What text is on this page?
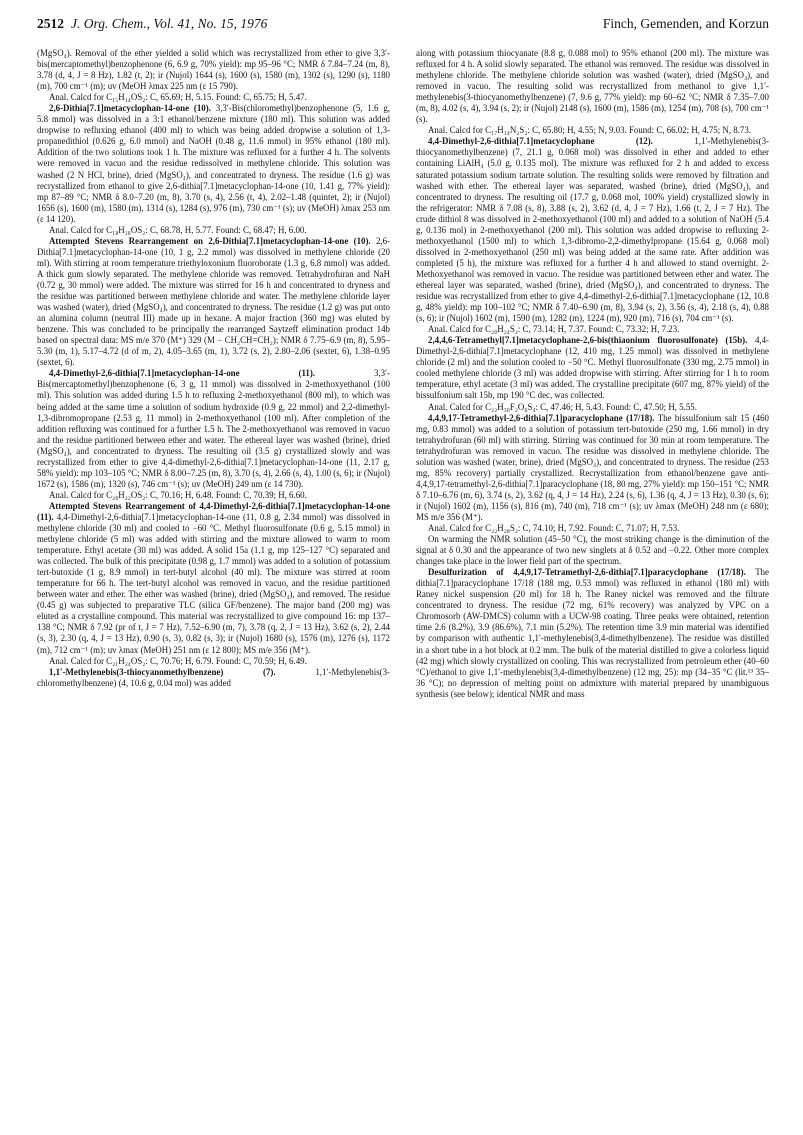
2512 J. Org. Chem., Vol. 41, No. 15, 1976	Finch, Gemenden, and Korzun

(MgSO₄). Removal of the ether yielded a solid which was recrystallized from ether to give 3,3′-bis(mercaptomethyl)benzophenone (6, 6.9 g, 70% yield): mp 95–96 °C; NMR δ 7.84–7.24 (m, 8), 3.78 (d, 4, J = 8 Hz), 1.82 (t, 2); ir (Nujol) 1644 (s), 1600 (s), 1580 (m), 1302 (s), 1290 (s), 1180 (m), 700 cm⁻¹ (m); uv (MeOH λmax 225 nm (ε 15 790).

Anal. Calcd for C₁₅H₁₄OS₂: C, 65.69; H, 5.15. Found: C, 65.75; H, 5.47.

2,6-Dithia[7.1]metacyclophan-14-one (10). 3,3′-Bis(chloromethyl)benzophenone (5, 1.6 g, 5.8 mmol) was dissolved in a 3:1 ethanol/benzene mixture (180 ml). This solution was added dropwise to refluxing ethanol (400 ml) to which was being added dropwise a solution of 1,3-propanedithiol (0.626 g, 6.0 mmol) and NaOH (0.48 g, 11.6 mmol) in 95% ethanol (180 ml). Addition of the two solutions took 1 h. The mixture was refluxed for a further 4 h. The solvents were removed in vacuo and the residue redissolved in methylene chloride. This solution was washed (2 N HCl, brine), dried (MgSO₄), and concentrated to dryness. The residue (1.6 g) was recrystallized from ethanol to give 2,6-dithia[7.1]metacyclophan-14-one (10, 1.41 g, 77% yield): mp 87–89 °C; NMR δ 8.0–7.20 (m, 8), 3.70 (s, 4), 2.56 (t, 4), 2.02–1.48 (quintet, 2); ir (Nujol) 1656 (s), 1600 (m), 1580 (m), 1314 (s), 1284 (s), 976 (m), 730 cm⁻¹ (s); uv (MeOH) λmax 253 nm (ε 14 120).

Anal. Calcd for C₁₈H₁₈OS₂: C, 68.78, H, 5.77. Found: C, 68.47; H, 6.00.

Attempted Stevens Rearrangement on 2,6-Dithia[7.1]metacyclophan-14-one (10). 2,6-Dithia[7.1]metacyclophan-14-one (10, 1 g, 2.2 mmol) was dissolved in methylene chloride (20 ml). With stirring at room temperature triethyloxonium fluoroborate (1.3 g, 6.8 mmol) was added. A thick gum slowly separated. The methylene chloride was removed. Tetrahydrofuran and NaH (0.72 g, 30 mmol) were added. The mixture was stirred for 16 h and concentrated to dryness and the residue was partitioned between methylene chloride and water. The methylene chloride layer was washed (water), dried (MgSO₄), and concentrated to dryness. The residue (1.2 g) was put onto an alumina column (neutral III) made up in hexane. A major fraction (360 mg) was eluted by benzene. This was concluded to be principally the rearranged Saytzeff elimination product 14b based on spectral data: MS m/e 370 (M⁺) 329 (M − CH₂CH=CH₂); NMR δ 7.75–6.9 (m, 8), 5.95–5.30 (m, 1), 5.17–4.72 (d of m, 2), 4.05–3.65 (m, 1), 3.72 (s, 2), 2.80–2.06 (sextet, 6), 1.38–0.95 (sextet, 6).

4,4-Dimethyl-2,6-dithia[7.1]metacyclophan-14-one (11).	3,3′-Bis(mercaptomethyl)benzophenone (6, 3 g, 11 mmol) was dissolved in 2-methoxyethanol (100 ml). This solution was added during 1.5 h to refluxing 2-methoxyethanol (800 ml), to which was being added at the same time a solution of sodium hydroxide (0.9 g, 22 mmol) and 2,2-dimethyl-1,3-dibromopropane (2.53 g, 11 mmol) in 2-methoxyethanol (100 ml). After completion of the addition refluxing was continued for a further 1.5 h. The 2-methoxyethanol was removed in vacuo and the residue partitioned between ether and water. The ethereal layer was washed (brine), dried (MgSO₄), and concentrated to dryness. The resulting oil (3.5 g) crystallized slowly and was recrystallized from ether to give 4,4-dimethyl-2,6-dithia[7.1]metacyclophan-14-one (11, 2.17 g, 58% yield): mp 103–105 °C; NMR δ 8.00–7.25 (m, 8), 3.70 (s, 4), 2.66 (s, 4), 1.00 (s, 6); ir (Nujol) 1672 (s), 1586 (m), 1320 (s), 746 cm⁻¹ (s); uv (MeOH) 249 nm (ε 14 730).

Anal. Calcd for C₂₀H₂₂OS₂: C, 70.16; H, 6.48. Found: C, 70.39; H, 6.60.

Attempted Stevens Rearrangement of 4,4-Dimethyl-2,6-dithia[7.1]metacyclophan-14-one (11). 4,4-Dimethyl-2,6-dithia[7.1]metacyclophan-14-one (11, 0.8 g, 2.34 mmol) was dissolved in methylene chloride (30 ml) and cooled to −60 °C. Methyl fluorosulfonate (0.6 g, 5.15 mmol) in methylene chloride (5 ml) was added with stirring and the mixture allowed to warm to room temperature. Ethyl acetate (30 ml) was added. A solid 15a (1.1 g, mp 125–127 °C) separated and was collected. The bulk of this precipitate (0.98 g, 1.7 mmol) was added to a solution of potassium tert-butoxide (1 g, 8.9 mmol) in tert-butyl alcohol (40 ml). The mixture was stirred at room temperature for 66 h. The tert-butyl alcohol was removed in vacuo, and the residue partitioned between water and ether. The ether was washed (brine), dried (MgSO₄), and removed. The residue (0.45 g) was subjected to preparative TLC (silica GF/benzene). The major band (200 mg) was eluted as a crystalline compound. This material was recrystallized to give compound 16: mp 137–138 °C; NMR δ 7.92 (pr of t, J = 7 Hz), 7.52–6.90 (m, 7), 3.78 (q, 2, J = 13 Hz), 3.62 (s, 2), 2.44 (s, 3), 2.30 (q, 4, J = 13 Hz), 0.90 (s, 3), 0.82 (s, 3); ir (Nujol) 1680 (s), 1576 (m), 1276 (s), 1172 (m), 712 cm⁻¹ (m); uv λmax (MeOH) 251 nm (ε 12 800); MS m/e 356 (M⁺).

Anal. Calcd for C₂₁H₂₄OS₂: C, 70.76; H, 6.79. Found: C, 70.59; H, 6.49.

1,1′-Methylenebis(3-thiocyanomethylbenzene) (7).	1,1′-Methylenebis(3-chloromethylbenzene) (4, 10.6 g, 0.04 mol) was added

along with potassium thiocyanate (8.8 g, 0.088 mol) to 95% ethanol (200 ml). The mixture was refluxed for 4 h. A solid slowly separated. The ethanol was removed. The residue was dissolved in methylene chloride. The methylene chloride solution was washed (water), dried (MgSO₄), and removed in vacuo. The resulting solid was recrystallized from methanol to give 1,1′-methylenebis(3-thiocyanomethylbenzene) (7, 9.6 g, 77% yield): mp 60–62 °C; NMR δ 7.35–7.00 (m, 8), 4.02 (s, 4), 3.94 (s, 2); ir (Nujol) 2148 (s), 1600 (m), 1586 (m), 1254 (m), 708 (s), 700 cm⁻¹ (s).

Anal. Calcd for C₁₇H₁₄N₂S₂: C, 65.80; H, 4.55; N, 9.03. Found: C, 66.02; H, 4.75; N, 8.73.

4,4-Dimethyl-2,6-dithia[7.1]metacyclophane (12).	1,1′-Methylenebis(3-thiocyanomethylbenzene) (7, 21.1 g, 0.068 mol) was dissolved in ether and added to ether containing LiAlH₄ (5.0 g, 0.135 mol). The mixture was refluxed for 2 h and added to excess saturated potassium sodium tartrate solution. The resulting solids were removed by filtration and washed with ether. The ethereal layer was separated, washed (brine), dried (MgSO₄), and concentrated to dryness. The resulting oil (17.7 g, 0.068 mol, 100% yield) crystallized slowly in the refrigerator: NMR δ 7.08 (s, 8), 3.88 (s, 2), 3.62 (d, 4, J = 7 Hz), 1.66 (t, 2, J = 7 Hz). The crude dithiol 8 was dissolved in 2-methoxyethanol (100 ml) and added to a solution of NaOH (5.4 g, 0.136 mol) in 2-methoxyethanol (200 ml). This solution was added dropwise to refluxing 2-methoxyethanol (1500 ml) to which 1,3-dibromo-2,2-dimethylpropane (15.64 g, 0.068 mol) dissolved in 2-methoxyethanol (250 ml) was being added at the same rate. After addition was completed (5 h), the mixture was refluxed for a further 4 h and allowed to stand overnight. 2-Methoxyethanol was removed in vacuo. The residue was partitioned between ether and water. The ethereal layer was separated, washed (brine), dried (MgSO₄), and concentrated to dryness. The residue was recrystallized from ether to give 4,4-dimethyl-2,6-dithia[7.1]metacyclophane (12, 10.8 g, 48% yield): mp 100–102 °C; NMR δ 7.40–6.90 (m, 8), 3.94 (s, 2), 3.56 (s, 4), 2.18 (s, 4), 0.88 (s, 6); ir (Nujol) 1602 (m), 1590 (m), 1282 (m), 1224 (m), 920 (m), 716 (s), 704 cm⁻¹ (s).

Anal. Calcd for C₂₀H₂₄S₂: C, 73.14; H, 7.37. Found: C, 73.32; H, 7.23.

2,4,4,6-Tetramethyl[7.1]metacyclophane-2,6-bis(thiaonium fluorosulfonate) (15b). 4,4-Dimethyl-2,6-dithia[7.1]metacyclophane (12, 410 mg, 1.25 mmol) was dissolved in methylene chloride (2 ml) and the solution cooled to −50 °C. Methyl fluorosulfonate (330 mg, 2.75 mmol) in cooled methylene chloride (3 ml) was added dropwise with stirring. After stirring for 1 h to room temperature, ethyl acetate (3 ml) was added. The crystalline precipitate (607 mg, 87% yield) of the bissulfonium salt 15b, mp 190 °C dec, was collected.

Anal. Calcd for C₂₂H₃₀F₂O₆S₄: C, 47.46; H, 5.43. Found: C, 47.50; H, 5.55.

4,4,9,17-Tetramethyl-2,6-dithia[7.1]paracyclophane (17/18). The bissulfonium salt 15 (460 mg, 0.83 mmol) was added to a solution of potassium tert-butoxide (250 mg, 1.66 mmol) in dry tetrahydrofuran (60 ml) with stirring. Stirring was continued for 30 min at room temperature. The tetrahydrofuran was removed in vacuo. The residue was dissolved in methylene chloride. The solution was washed (water, brine), dried (MgSO₄), and concentrated to dryness. The residue (253 mg, 85% recovery) partially crystallized. Recrystallization from ethanol/benzene gave anti-4,4,9,17-tetramethyl-2,6-dithia[7.1]paracyclophane (18, 80 mg, 27% yield): mp 150–151 °C; NMR δ 7.10–6.76 (m, 6), 3.74 (s, 2), 3.62 (q, 4, J = 14 Hz), 2.24 (s, 6), 1.36 (q, 4, J = 13 Hz), 0.30 (s, 6); ir (Nujol) 1602 (m), 1156 (s), 816 (m), 740 (m), 718 cm⁻¹ (s); uv λmax (MeOH) 248 nm (ε 680); MS m/e 356 (M⁺).

Anal. Calcd for C₂₂H₂₈S₂: C, 74.10; H, 7.92. Found: C, 71.07; H, 7.53.

On warming the NMR solution (45–50 °C), the most striking change is the diminution of the signal at δ 0.30 and the appearance of two new singlets at δ 0.52 and −0.22. Other more complex changes take place in the lower field part of the spectrum.

Desulfurization of 4,4,9,17-Tetramethyl-2,6-dithia[7.1]paracyclophane (17/18). The dithia[7.1]paracyclophane 17/18 (188 mg, 0.53 mmol) was refluxed in ethanol (180 ml) with Raney nickel suspension (20 ml) for 18 h. The Raney nickel was removed and the filtrate concentrated to dryness. The residue (72 mg, 61% recovery) was analyzed by VPC on a Chromosorb (AW-DMCS) column with a UCW-98 coating. Three peaks were obtained, retention time 2.6 (8.2%), 3.9 (86.6%), 7.1 min (5.2%). The retention time 3.9 min material was identified by comparison with authentic 1,1′-methylenebis(3,4-dimethylbenzene). The residue was distilled in a short tube in a hot block at 0.2 mm. The bulk of the material distilled to give a colorless liquid (42 mg) which slowly crystallized on cooling. This was recrystallized from petroleum ether (40–60 °C)/ethanol to give 1,1′-methylenebis(3,4-dimethylbenzene) (12 mg, 25): mp (34–35 °C (lit.¹³ 35–36 °C); no depression of melting point on admixture with material prepared by unambiguous synthesis (see below); identical NMR and mass
